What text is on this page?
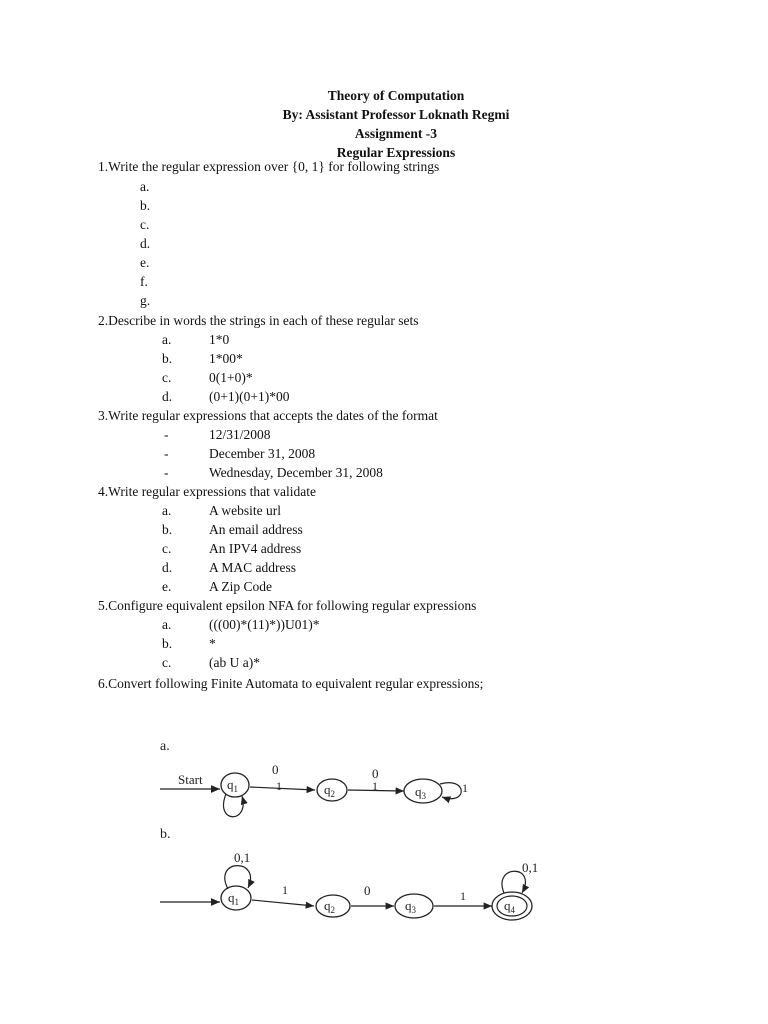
Theory of Computation
By: Assistant Professor Loknath Regmi
Assignment -3
Regular Expressions
1.Write the regular expression over {0, 1} for following strings
a.
b.
c.
d.
e.
f.
g.
2.Describe in words the strings in each of these regular sets
a.	1*0
b.	1*00*
c.	0(1+0)*
d.	(0+1)(0+1)*00
3.Write regular expressions that accepts the dates of the format
-	12/31/2008
-	December 31, 2008
-	Wednesday, December 31, 2008
4.Write regular expressions that validate
a.	A website url
b.	An email address
c.	An IPV4 address
d.	A MAC address
e.	A Zip Code
5.Configure equivalent epsilon NFA for following regular expressions
a.	(((00)*(11)*))U01)*
b.	*
c.	(ab U a)*
6.Convert following Finite Automata to equivalent regular expressions;
a.
Start $q_1$
0
1	$q_2$
0
1	$q_3$
1
b.
0,1
$q_1$
1
$q_2$
0
$q_3$
1
$q_4$
0,1
